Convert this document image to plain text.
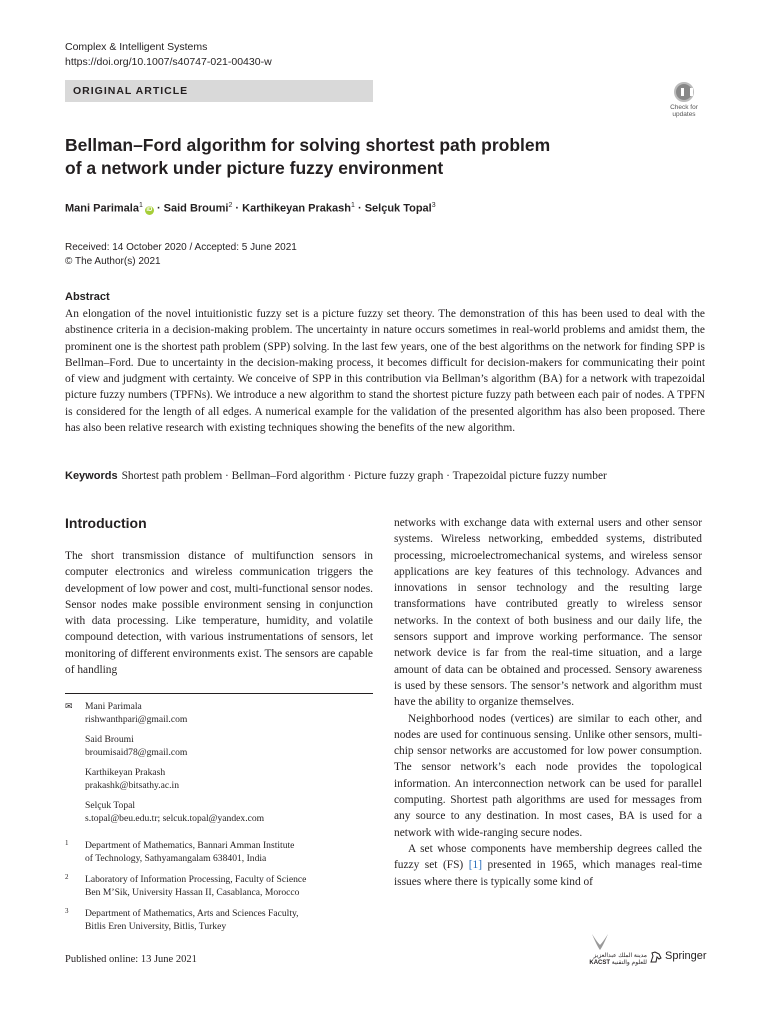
Complex & Intelligent Systems
https://doi.org/10.1007/s40747-021-00430-w
ORIGINAL ARTICLE
Check for
updates
Bellman–Ford algorithm for solving shortest path problem
of a network under picture fuzzy environment
Mani Parimala$^1$iD · Said Broumi$^2$ · Karthikeyan Prakash$^1$ · Selçuk Topal$^3$
Received: 14 October 2020 / Accepted: 5 June 2021
© The Author(s) 2021
Abstract
An elongation of the novel intuitionistic fuzzy set is a picture fuzzy set theory. The demonstration of this has been used to deal with the abstinence criteria in a decision-making problem. The uncertainty in nature occurs sometimes in real-world problems and amidst them, the prominent one is the shortest path problem (SPP) solving. In the last few years, one of the best algorithms on the network for finding SPP is Bellman–Ford. Due to uncertainty in the decision-making process, it becomes difficult for decision-makers for communicating their point of view and judgment with certainty. We conceive of SPP in this contribution via Bellman’s algorithm (BA) for a network with trapezoidal picture fuzzy numbers (TPFNs). We introduce a new algorithm to stand the shortest picture fuzzy path between each pair of nodes. A TPFN is considered for the length of all edges. A numerical example for the validation of the presented algorithm has also been proposed. There has also been relative research with existing techniques showing the benefits of the new algorithm.
Keywords Shortest path problem · Bellman–Ford algorithm · Picture fuzzy graph · Trapezoidal picture fuzzy number
Introduction

The short transmission distance of multifunction sensors in computer electronics and wireless communication triggers the development of low power and cost, multi-functional sensor nodes. Sensor nodes make possible environment sensing in conjunction with data processing. Like temperature, humidity, and volatile compound detection, with various instrumentations of sensors, let monitoring of different environments exist. The sensors are capable of handling

✉ Mani Parimala
rishwanthpari@gmail.com
Said Broumi
broumisaid78@gmail.com
Karthikeyan Prakash
prakashk@bitsathy.ac.in
Selçuk Topal
s.topal@beu.edu.tr; selcuk.topal@yandex.com
1 Department of Mathematics, Bannari Amman Institute
of Technology, Sathyamangalam 638401, India
2 Laboratory of Information Processing, Faculty of Science
Ben M’Sik, University Hassan II, Casablanca, Morocco
3 Department of Mathematics, Arts and Sciences Faculty,
Bitlis Eren University, Bitlis, Turkey

networks with exchange data with external users and other sensor systems. Wireless networking, embedded systems, distributed processing, microelectromechanical systems, and wireless sensor applications are key features of this technology. Advances and innovations in sensor technology and the resulting large transformations have contributed greatly to wireless sensor networks. In the context of both business and our daily life, the sensors support and improve working performance. The sensor network device is far from the real-time situation, and a large amount of data can be obtained and processed. Sensory awareness is used by these sensors. The sensor’s network and algorithm must have the ability to organize themselves.

Neighborhood nodes (vertices) are similar to each other, and nodes are used for continuous sensing. Unlike other sensors, multi-chip sensor networks are accustomed for low power consumption. The sensor network’s each node provides the topological information. An interconnection network can be used for parallel computing. Shortest path algorithms are used for messages from any source to any destination. In most cases, BA is used for a network with wide-ranging secure nodes.

A set whose components have membership degrees called the fuzzy set (FS) [1] presented in 1965, which manages real-time issues where there is typically some kind of

Published online: 13 June 2021	مدينة الملك عبدالعزيز
KACST للعلوم والتقنية
Springer
